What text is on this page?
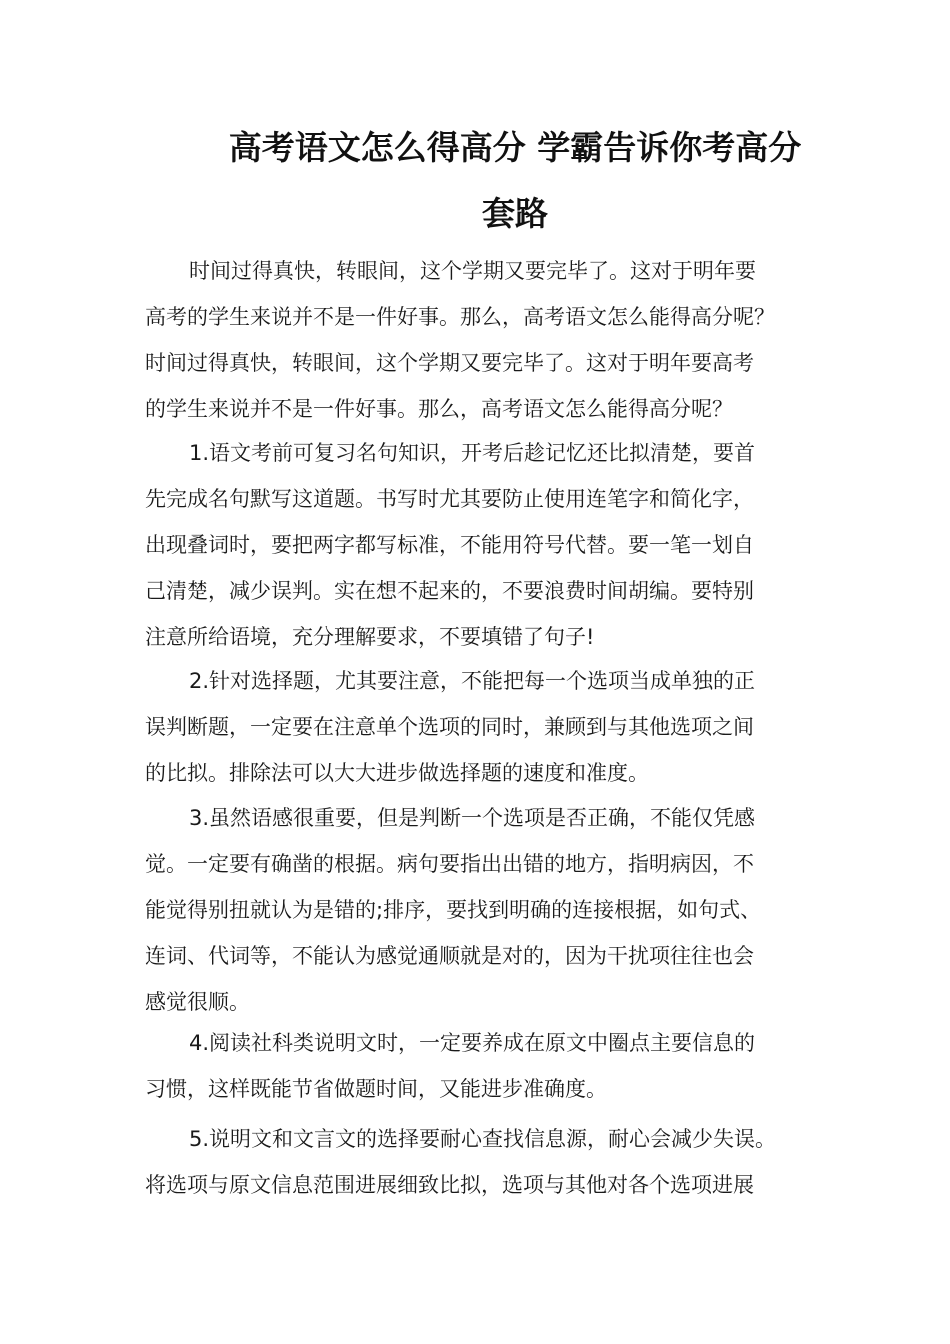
高考语文怎么得高分 学霸告诉你考高分
套路
时间过得真快，转眼间，这个学期又要完毕了。这对于明年要
高考的学生来说并不是一件好事。那么，高考语文怎么能得高分呢？
时间过得真快，转眼间，这个学期又要完毕了。这对于明年要高考
的学生来说并不是一件好事。那么，高考语文怎么能得高分呢？
1.语文考前可复习名句知识，开考后趁记忆还比拟清楚，要首
先完成名句默写这道题。书写时尤其要防止使用连笔字和简化字，
出现叠词时，要把两字都写标准，不能用符号代替。要一笔一划自
己清楚，减少误判。实在想不起来的，不要浪费时间胡编。要特别
注意所给语境，充分理解要求，不要填错了句子!
2.针对选择题，尤其要注意，不能把每一个选项当成单独的正
误判断题，一定要在注意单个选项的同时，兼顾到与其他选项之间
的比拟。排除法可以大大进步做选择题的速度和准度。
3.虽然语感很重要，但是判断一个选项是否正确，不能仅凭感
觉。一定要有确凿的根据。病句要指出出错的地方，指明病因，不
能觉得别扭就认为是错的;排序，要找到明确的连接根据，如句式、
连词、代词等，不能认为感觉通顺就是对的，因为干扰项往往也会
感觉很顺。
4.阅读社科类说明文时，一定要养成在原文中圈点主要信息的
习惯，这样既能节省做题时间，又能进步准确度。
5.说明文和文言文的选择要耐心查找信息源，耐心会减少失误。
将选项与原文信息范围进展细致比拟，选项与其他对各个选项进展
